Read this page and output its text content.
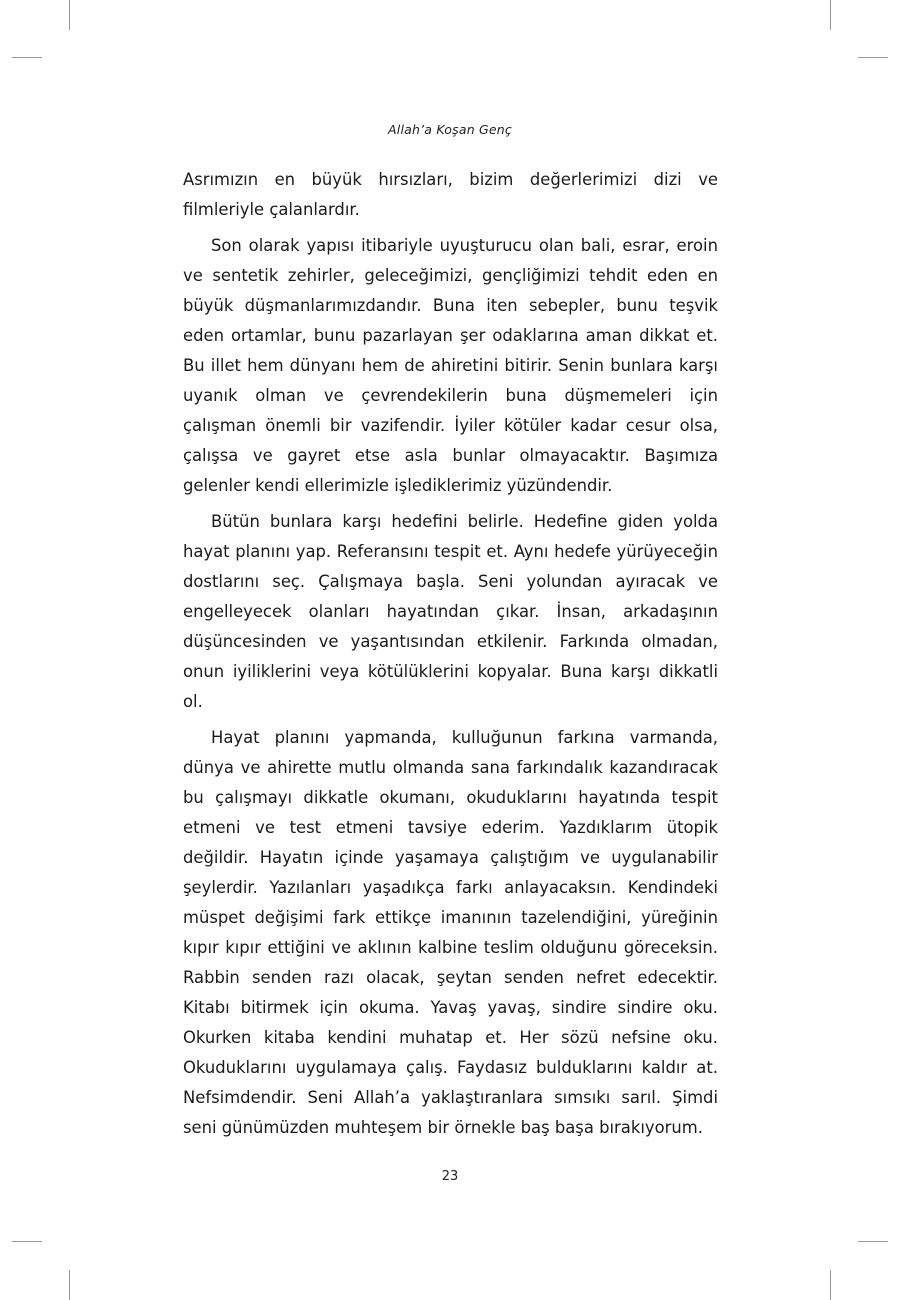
Allah’a Koşan Genç

Asrımızın en büyük hırsızları, bizim değerlerimizi dizi ve filmleriyle çalanlardır.

Son olarak yapısı itibariyle uyuşturucu olan bali, esrar, eroin ve sentetik zehirler, geleceğimizi, gençliğimizi tehdit eden en büyük düşmanlarımızdandır. Buna iten sebepler, bunu teşvik eden ortamlar, bunu pazarlayan şer odaklarına aman dikkat et. Bu illet hem dünyanı hem de ahiretini bitirir. Senin bunlara karşı uyanık olman ve çevrendekilerin buna düşmemeleri için çalışman önemli bir vazifendir. İyiler kötüler kadar cesur olsa, çalışsa ve gayret etse asla bunlar olmayacaktır. Başımıza gelenler kendi ellerimizle işlediklerimiz yüzündendir.

Bütün bunlara karşı hedefini belirle. Hedefine giden yolda hayat planını yap. Referansını tespit et. Aynı hedefe yürüyeceğin dostlarını seç. Çalışmaya başla. Seni yolundan ayıracak ve engelleyecek olanları hayatından çıkar. İnsan, arkadaşının düşüncesinden ve yaşantısından etkilenir. Farkında olmadan, onun iyiliklerini veya kötülüklerini kopyalar. Buna karşı dikkatli ol.

Hayat planını yapmanda, kulluğunun farkına varmanda, dünya ve ahirette mutlu olmanda sana farkındalık kazandıracak bu çalışmayı dikkatle okumanı, okuduklarını hayatında tespit etmeni ve test etmeni tavsiye ederim. Yazdıklarım ütopik değildir. Hayatın içinde yaşamaya çalıştığım ve uygulanabilir şeylerdir. Yazılanları yaşadıkça farkı anlayacaksın. Kendindeki müspet değişimi fark ettikçe imanının tazelendiğini, yüreğinin kıpır kıpır ettiğini ve aklının kalbine teslim olduğunu göreceksin. Rabbin senden razı olacak, şeytan senden nefret edecektir. Kitabı bitirmek için okuma. Yavaş yavaş, sindire sindire oku. Okurken kitaba kendini muhatap et. Her sözü nefsine oku. Okuduklarını uygulamaya çalış. Faydasız bulduklarını kaldır at. Nefsimdendir. Seni Allah’a yaklaştıranlara sımsıkı sarıl. Şimdi seni günümüzden muhteşem bir örnekle baş başa bırakıyorum.

23
